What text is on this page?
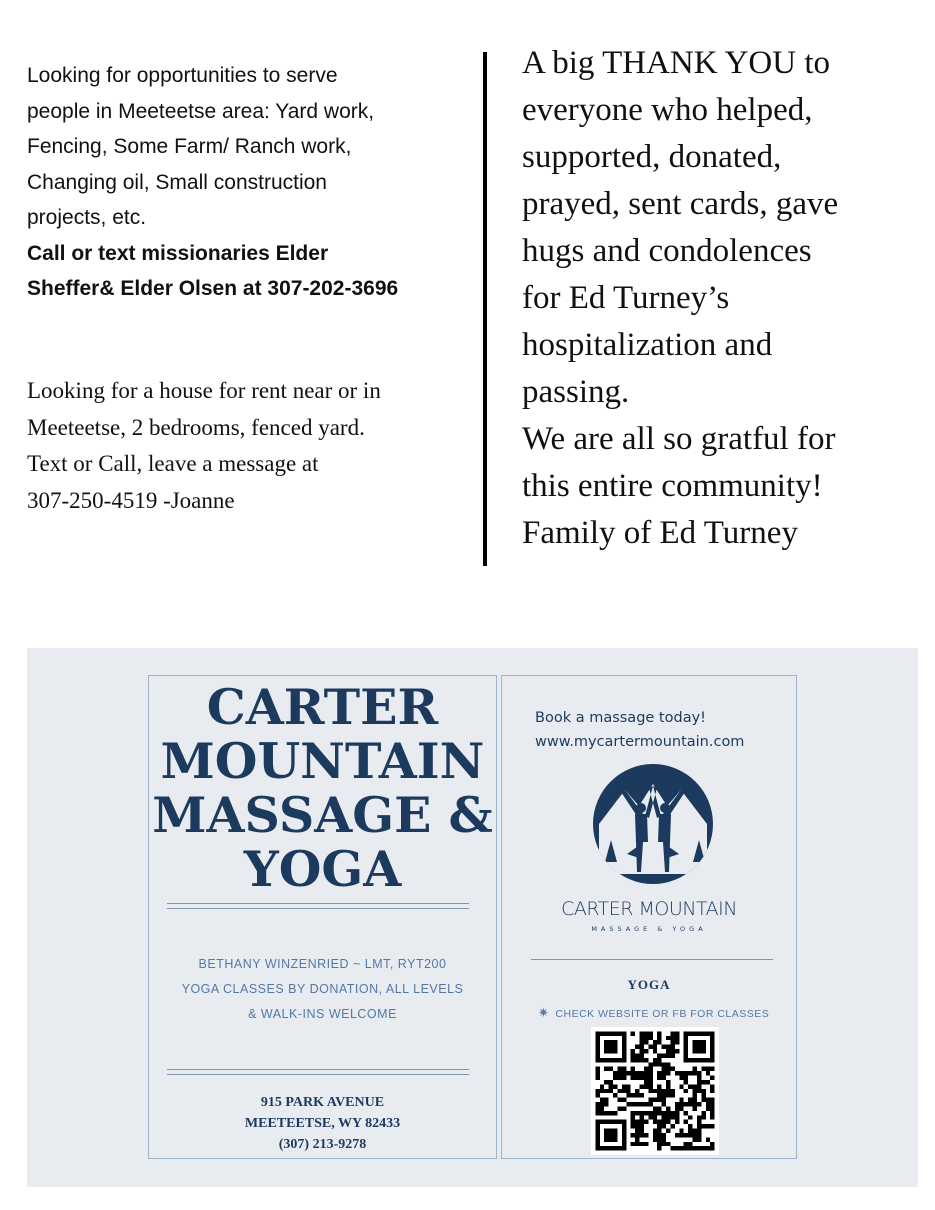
Looking for opportunities to serve

people in Meeteetse area: Yard work,

Fencing, Some Farm/ Ranch work,

Changing oil, Small construction

projects, etc.

Call or text missionaries Elder

Sheffer& Elder Olsen at 307-202-3696

Looking for a house for rent near or in

Meeteetse, 2 bedrooms, fenced yard.

Text or Call, leave a message at

307-250-4519 -Joanne

A big THANK YOU to

everyone who helped,

supported, donated,

prayed, sent cards, gave

hugs and condolences

for Ed Turney’s

hospitalization and

passing.

We are all so gratful for

this entire community!

Family of Ed Turney

CARTER
MOUNTAIN
MASSAGE &
YOGA
BETHANY WINZENRIED ~ LMT, RYT200
YOGA CLASSES BY DONATION, ALL LEVELS
& WALK-INS WELCOME
915 PARK AVENUE
MEETEETSE, WY 82433
(307) 213-9278
Book a massage today!
www.mycartermountain.com
CARTER MOUNTAIN
MASSAGE & YOGA
YOGA
✷ CHECK WEBSITE OR FB FOR CLASSES
